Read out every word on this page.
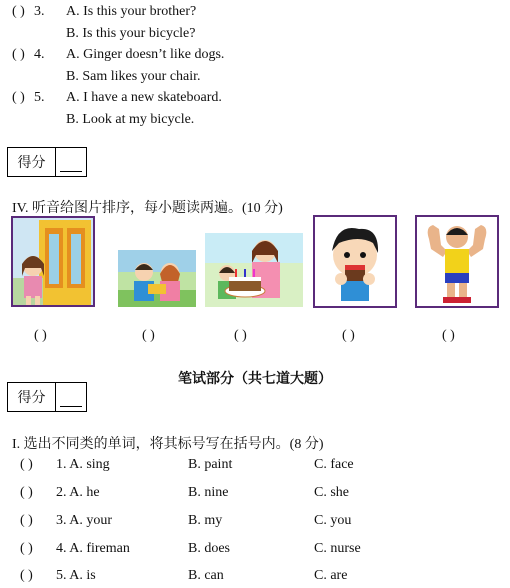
( ) 3. A. Is this your brother?
B. Is this your bicycle?
( ) 4. A. Ginger doesn’t like dogs.
B. Sam likes your chair.
( ) 5. A. I have a new skateboard.
B. Look at my bicycle.
得分
IV. 听音给图片排序，每小题读两遍。(10 分)
( )	( )	( )	( )	( )
笔试部分（共七道大题）
得分
I. 选出不同类的单词，将其标号写在括号内。(8 分)
( ) 1. A. sing	B. paint	C. face
( ) 2. A. he	B. nine	C. she
( ) 3. A. your	B. my	C. you
( ) 4. A. fireman	B. does	C. nurse
( ) 5. A. is	B. can	C. are
